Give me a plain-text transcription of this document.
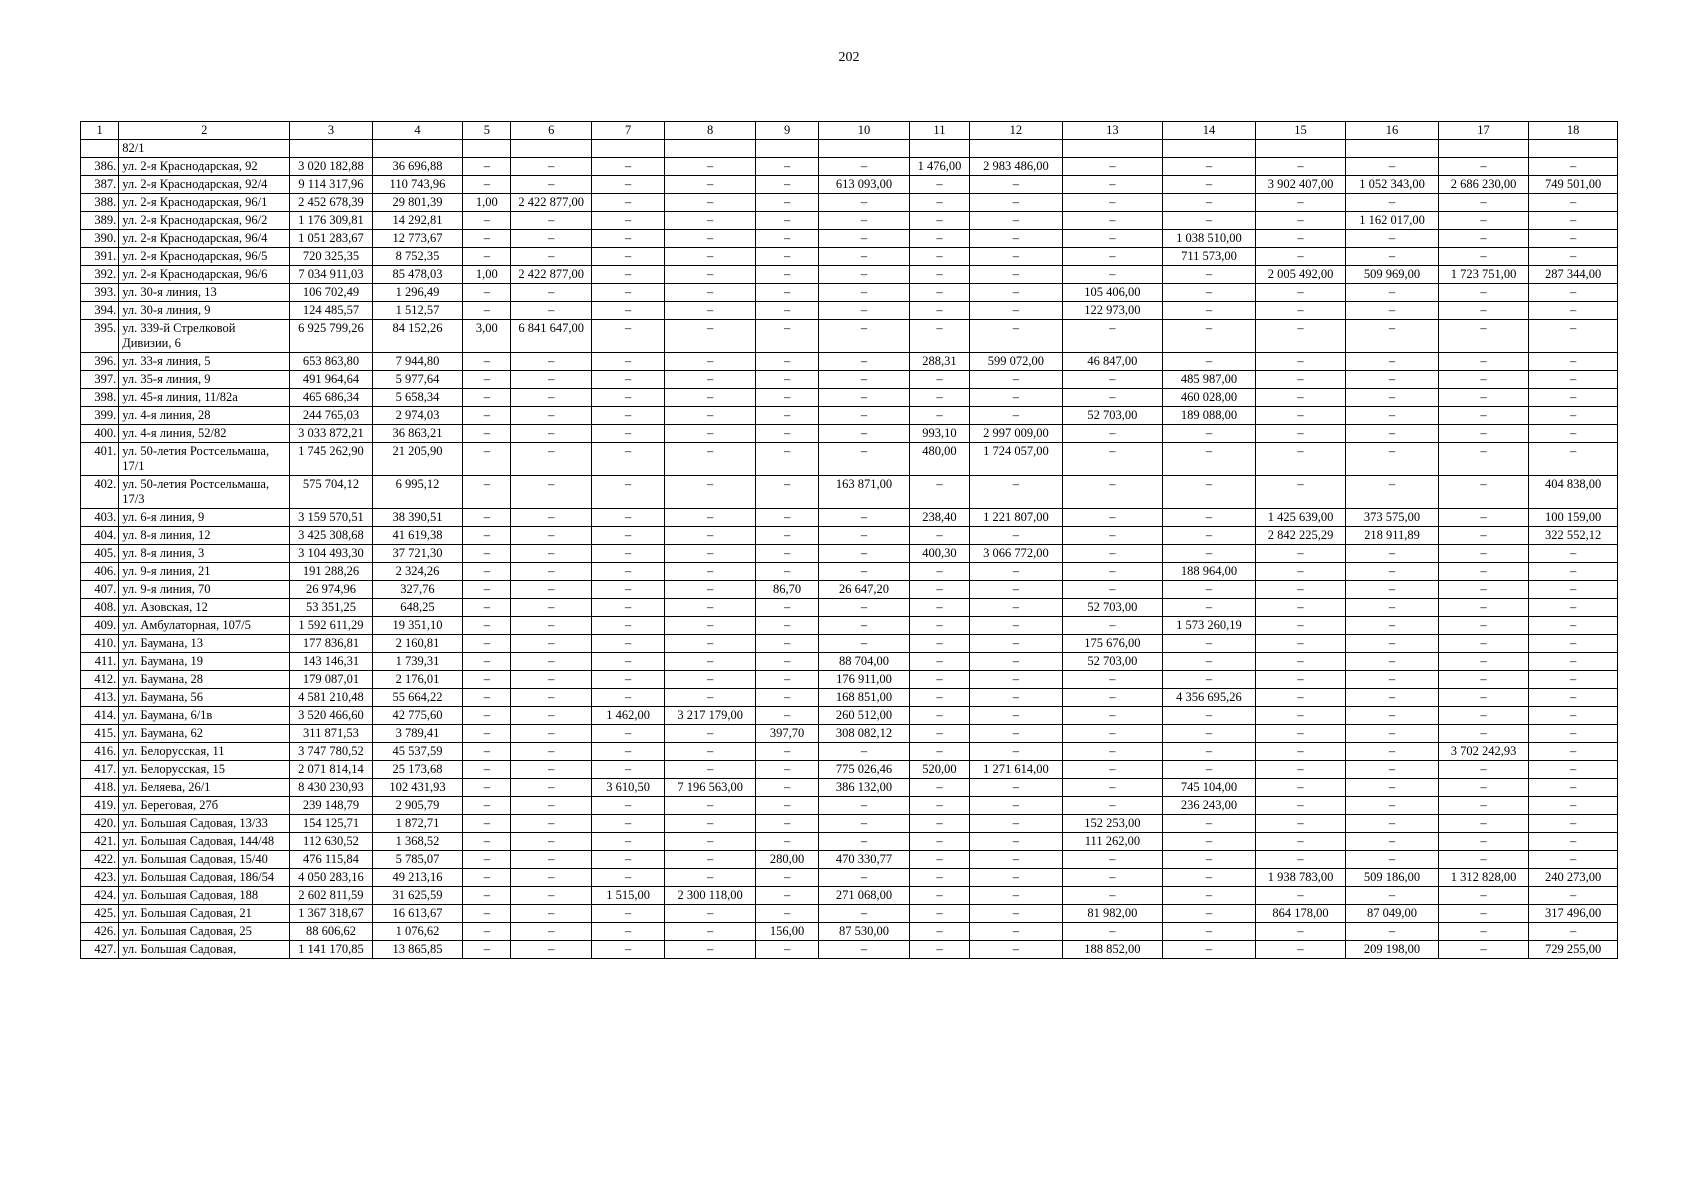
202
1	2	3	4	5	6	7	8	9	10	11	12	13	14	15	16	17	18
	82/1																
386.	ул. 2-я Краснодарская, 92	3 020 182,88	36 696,88	–	–	–	–	–	–	1 476,00	2 983 486,00	–	–	–	–	–	–
387.	ул. 2-я Краснодарская, 92/4	9 114 317,96	110 743,96	–	–	–	–	–	613 093,00	–	–	–	–	3 902 407,00	1 052 343,00	2 686 230,00	749 501,00
388.	ул. 2-я Краснодарская, 96/1	2 452 678,39	29 801,39	1,00	2 422 877,00	–	–	–	–	–	–	–	–	–	–	–	–
389.	ул. 2-я Краснодарская, 96/2	1 176 309,81	14 292,81	–	–	–	–	–	–	–	–	–	–	–	1 162 017,00	–	–
390.	ул. 2-я Краснодарская, 96/4	1 051 283,67	12 773,67	–	–	–	–	–	–	–	–	–	1 038 510,00	–	–	–	–
391.	ул. 2-я Краснодарская, 96/5	720 325,35	8 752,35	–	–	–	–	–	–	–	–	–	711 573,00	–	–	–	–
392.	ул. 2-я Краснодарская, 96/6	7 034 911,03	85 478,03	1,00	2 422 877,00	–	–	–	–	–	–	–	–	2 005 492,00	509 969,00	1 723 751,00	287 344,00
393.	ул. 30-я линия, 13	106 702,49	1 296,49	–	–	–	–	–	–	–	–	105 406,00	–	–	–	–	–
394.	ул. 30-я линия, 9	124 485,57	1 512,57	–	–	–	–	–	–	–	–	122 973,00	–	–	–	–	–
395.	ул. 339-й Стрелковой Дивизии, 6	6 925 799,26	84 152,26	3,00	6 841 647,00	–	–	–	–	–	–	–	–	–	–	–	–
396.	ул. 33-я линия, 5	653 863,80	7 944,80	–	–	–	–	–	–	288,31	599 072,00	46 847,00	–	–	–	–	–
397.	ул. 35-я линия, 9	491 964,64	5 977,64	–	–	–	–	–	–	–	–	–	485 987,00	–	–	–	–
398.	ул. 45-я линия, 11/82а	465 686,34	5 658,34	–	–	–	–	–	–	–	–	–	460 028,00	–	–	–	–
399.	ул. 4-я линия, 28	244 765,03	2 974,03	–	–	–	–	–	–	–	–	52 703,00	189 088,00	–	–	–	–
400.	ул. 4-я линия, 52/82	3 033 872,21	36 863,21	–	–	–	–	–	–	993,10	2 997 009,00	–	–	–	–	–	–
401.	ул. 50-летия Ростсельмаша, 17/1	1 745 262,90	21 205,90	–	–	–	–	–	–	480,00	1 724 057,00	–	–	–	–	–	–
402.	ул. 50-летия Ростсельмаша, 17/3	575 704,12	6 995,12	–	–	–	–	–	163 871,00	–	–	–	–	–	–	–	404 838,00
403.	ул. 6-я линия, 9	3 159 570,51	38 390,51	–	–	–	–	–	–	238,40	1 221 807,00	–	–	1 425 639,00	373 575,00	–	100 159,00
404.	ул. 8-я линия, 12	3 425 308,68	41 619,38	–	–	–	–	–	–	–	–	–	–	2 842 225,29	218 911,89	–	322 552,12
405.	ул. 8-я линия, 3	3 104 493,30	37 721,30	–	–	–	–	–	–	400,30	3 066 772,00	–	–	–	–	–	–
406.	ул. 9-я линия, 21	191 288,26	2 324,26	–	–	–	–	–	–	–	–	–	188 964,00	–	–	–	–
407.	ул. 9-я линия, 70	26 974,96	327,76	–	–	–	–	86,70	26 647,20	–	–	–	–	–	–	–	–
408.	ул. Азовская, 12	53 351,25	648,25	–	–	–	–	–	–	–	–	52 703,00	–	–	–	–	–
409.	ул. Амбулаторная, 107/5	1 592 611,29	19 351,10	–	–	–	–	–	–	–	–	–	1 573 260,19	–	–	–	–
410.	ул. Баумана, 13	177 836,81	2 160,81	–	–	–	–	–	–	–	–	175 676,00	–	–	–	–	–
411.	ул. Баумана, 19	143 146,31	1 739,31	–	–	–	–	–	88 704,00	–	–	52 703,00	–	–	–	–	–
412.	ул. Баумана, 28	179 087,01	2 176,01	–	–	–	–	–	176 911,00	–	–	–	–	–	–	–	–
413.	ул. Баумана, 56	4 581 210,48	55 664,22	–	–	–	–	–	168 851,00	–	–	–	4 356 695,26	–	–	–	–
414.	ул. Баумана, 6/1в	3 520 466,60	42 775,60	–	–	1 462,00	3 217 179,00	–	260 512,00	–	–	–	–	–	–	–	–
415.	ул. Баумана, 62	311 871,53	3 789,41	–	–	–	–	397,70	308 082,12	–	–	–	–	–	–	–	–
416.	ул. Белорусская, 11	3 747 780,52	45 537,59	–	–	–	–	–	–	–	–	–	–	–	–	3 702 242,93	–
417.	ул. Белорусская, 15	2 071 814,14	25 173,68	–	–	–	–	–	775 026,46	520,00	1 271 614,00	–	–	–	–	–	–
418.	ул. Беляева, 26/1	8 430 230,93	102 431,93	–	–	3 610,50	7 196 563,00	–	386 132,00	–	–	–	745 104,00	–	–	–	–
419.	ул. Береговая, 27б	239 148,79	2 905,79	–	–	–	–	–	–	–	–	–	236 243,00	–	–	–	–
420.	ул. Большая Садовая, 13/33	154 125,71	1 872,71	–	–	–	–	–	–	–	–	152 253,00	–	–	–	–	–
421.	ул. Большая Садовая, 144/48	112 630,52	1 368,52	–	–	–	–	–	–	–	–	111 262,00	–	–	–	–	–
422.	ул. Большая Садовая, 15/40	476 115,84	5 785,07	–	–	–	–	280,00	470 330,77	–	–	–	–	–	–	–	–
423.	ул. Большая Садовая, 186/54	4 050 283,16	49 213,16	–	–	–	–	–	–	–	–	–	–	1 938 783,00	509 186,00	1 312 828,00	240 273,00
424.	ул. Большая Садовая, 188	2 602 811,59	31 625,59	–	–	1 515,00	2 300 118,00	–	271 068,00	–	–	–	–	–	–	–	–
425.	ул. Большая Садовая, 21	1 367 318,67	16 613,67	–	–	–	–	–	–	–	–	81 982,00	–	864 178,00	87 049,00	–	317 496,00
426.	ул. Большая Садовая, 25	88 606,62	1 076,62	–	–	–	–	156,00	87 530,00	–	–	–	–	–	–	–	–
427.	ул. Большая Садовая,	1 141 170,85	13 865,85	–	–	–	–	–	–	–	–	188 852,00	–	–	209 198,00	–	729 255,00
